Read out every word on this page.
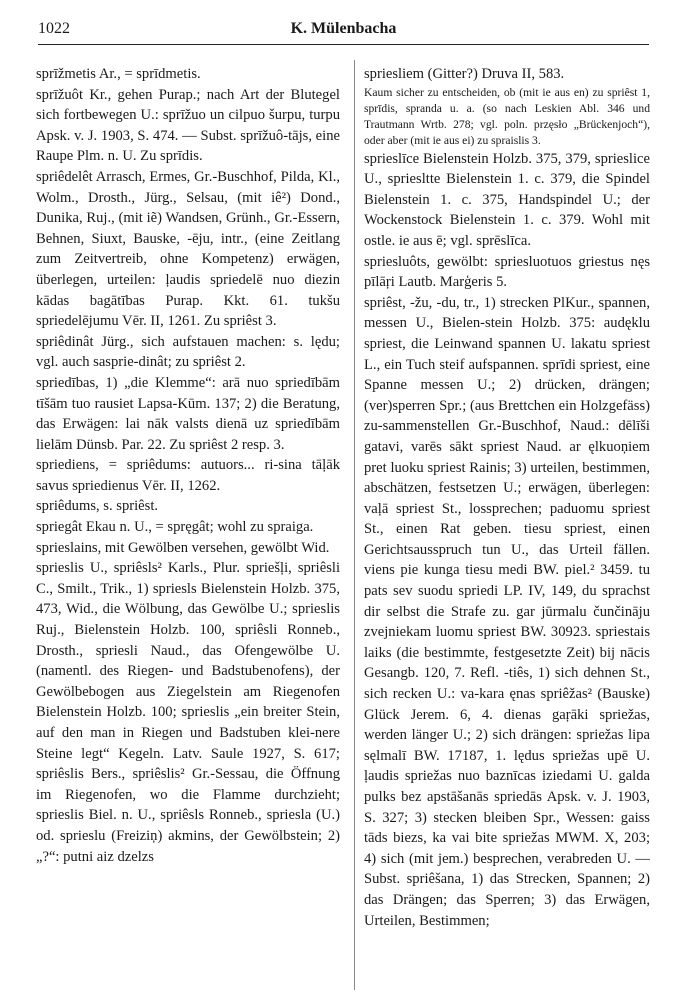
1022	K. Mülenbacha

sprīžmetis Ar., = sprīdmetis.

sprīžuôt Kr., gehen Purap.; nach Art der Blutegel sich fortbewegen U.: sprīžuo un cilpuo šurpu, turpu Apsk. v. J. 1903, S. 474. — Subst. sprīžuô-tājs, eine Raupe Plm. n. U. Zu sprīdis.

spriêdelêt Arrasch, Ermes, Gr.-Buschhof, Pilda, Kl., Wolm., Drosth., Jürg., Selsau, (mit iê²) Dond., Dunika, Ruj., (mit iẽ) Wandsen, Grünh., Gr.-Essern, Behnen, Siuxt, Bauske, -ēju, intr., (eine Zeitlang zum Zeitvertreib, ohne Kompetenz) erwägen, überlegen, urteilen: ļaudis spriedelē nuo diezin kādas bagātības Purap. Kkt. 61. tukšu spriedelējumu Vēr. II, 1261. Zu spriêst 3.

spriêdinât Jürg., sich aufstauen machen: s. lędu; vgl. auch sasprie-dinât; zu spriêst 2.

spriedības, 1) „die Klemme“: arā nuo spriedībām tīšām tuo rausiet Lapsa-Kūm. 137; 2) die Beratung, das Erwägen: lai nāk valsts dienā uz spriedībām lielām Dünsb. Par. 22. Zu spriêst 2 resp. 3.

spriediens, = spriêdums: autuors... ri-sina tāļāk savus spriedienus Vēr. II, 1262.

spriêdums, s. spriêst.

spriegât Ekau n. U., = spręgât; wohl zu spraiga.

sprieslains, mit Gewölben versehen, gewölbt Wid.

sprieslis U., spriêsls² Karls., Plur. spriešļi, spriêsli C., Smilt., Trik., 1) spriesls Bielenstein Holzb. 375, 473, Wid., die Wölbung, das Gewölbe U.; sprieslis Ruj., Bielenstein Holzb. 100, spriêsli Ronneb., Drosth., spriesli Naud., das Ofengewölbe U. (namentl. des Riegen- und Badstubenofens), der Gewölbebogen aus Ziegelstein am Riegenofen Bielenstein Holzb. 100; sprieslis „ein breiter Stein, auf den man in Riegen und Badstuben klei-nere Steine legt“ Kegeln. Latv. Saule 1927, S. 617; spriêslis Bers., spriêslis² Gr.-Sessau, die Öffnung im Riegenofen, wo die Flamme durchzieht; sprieslis Biel. n. U., spriêsls Ronneb., spriesla (U.) od. sprieslu (Freiziņ) akmins, der Gewölbstein; 2) „?“: putni aiz dzelzs

spriesliem (Gitter?) Druva II, 583.

Kaum sicher zu entscheiden, ob (mit ie aus en) zu spriêst 1, sprīdis, spranda u. a. (so nach Leskien Abl. 346 und Trautmann Wrtb. 278; vgl. poln. przęsło „Brückenjoch“), oder aber (mit ie aus ei) zu spraislis 3.

sprieslīce Bielenstein Holzb. 375, 379, sprieslice U., spriesltte Bielenstein 1. c. 379, die Spindel Bielenstein 1. c. 375, Handspindel U.; der Wockenstock Bielenstein 1. c. 379. Wohl mit ostle. ie aus ē; vgl. sprēslīca.

spriesluôts, gewölbt: spriesluotuos griestus nęs pīlāŗi Lautb. Marģeris 5.

spriêst, -žu, -du, tr., 1) strecken PlKur., spannen, messen U., Bielen-stein Holzb. 375: audęklu spriest, die Leinwand spannen U. lakatu spriest L., ein Tuch steif aufspannen. sprīdi spriest, eine Spanne messen U.; 2) drücken, drängen; (ver)sperren Spr.; (aus Brettchen ein Holzgefäss) zu-sammenstellen Gr.-Buschhof, Naud.: dēlīši gatavi, varēs sākt spriest Naud. ar ęlkuoņiem pret luoku spriest Rainis; 3) urteilen, bestimmen, abschätzen, festsetzen U.; erwägen, überlegen: vaļā spriest St., lossprechen; paduomu spriest St., einen Rat geben. tiesu spriest, einen Gerichtsausspruch tun U., das Urteil fällen. viens pie kunga tiesu medi BW. piel.² 3459. tu pats sev suodu spriedi LP. IV, 149, du sprachst dir selbst die Strafe zu. gar jūrmalu čunčināju zvejniekam luomu spriest BW. 30923. spriestais laiks (die bestimmte, festgesetzte Zeit) bij nācis Gesangb. 120, 7. Refl. -tiês, 1) sich dehnen St., sich recken U.: va-kara ęnas spriêžas² (Bauske) Glück Jerem. 6, 4. dienas gaŗāki spriežas, werden länger U.; 2) sich drängen: spriežas lipa sęlmalī BW. 17187, 1. lędus spriežas upē U. ļaudis spriežas nuo baznīcas iziedami U. galda pulks bez apstāšanās spriedās Apsk. v. J. 1903, S. 327; 3) stecken bleiben Spr., Wessen: gaiss tāds biezs, ka vai bite spriežas MWM. X, 203; 4) sich (mit jem.) besprechen, verabreden U. — Subst. spriêšana, 1) das Strecken, Spannen; 2) das Drängen; das Sperren; 3) das Erwägen, Urteilen, Bestimmen;
